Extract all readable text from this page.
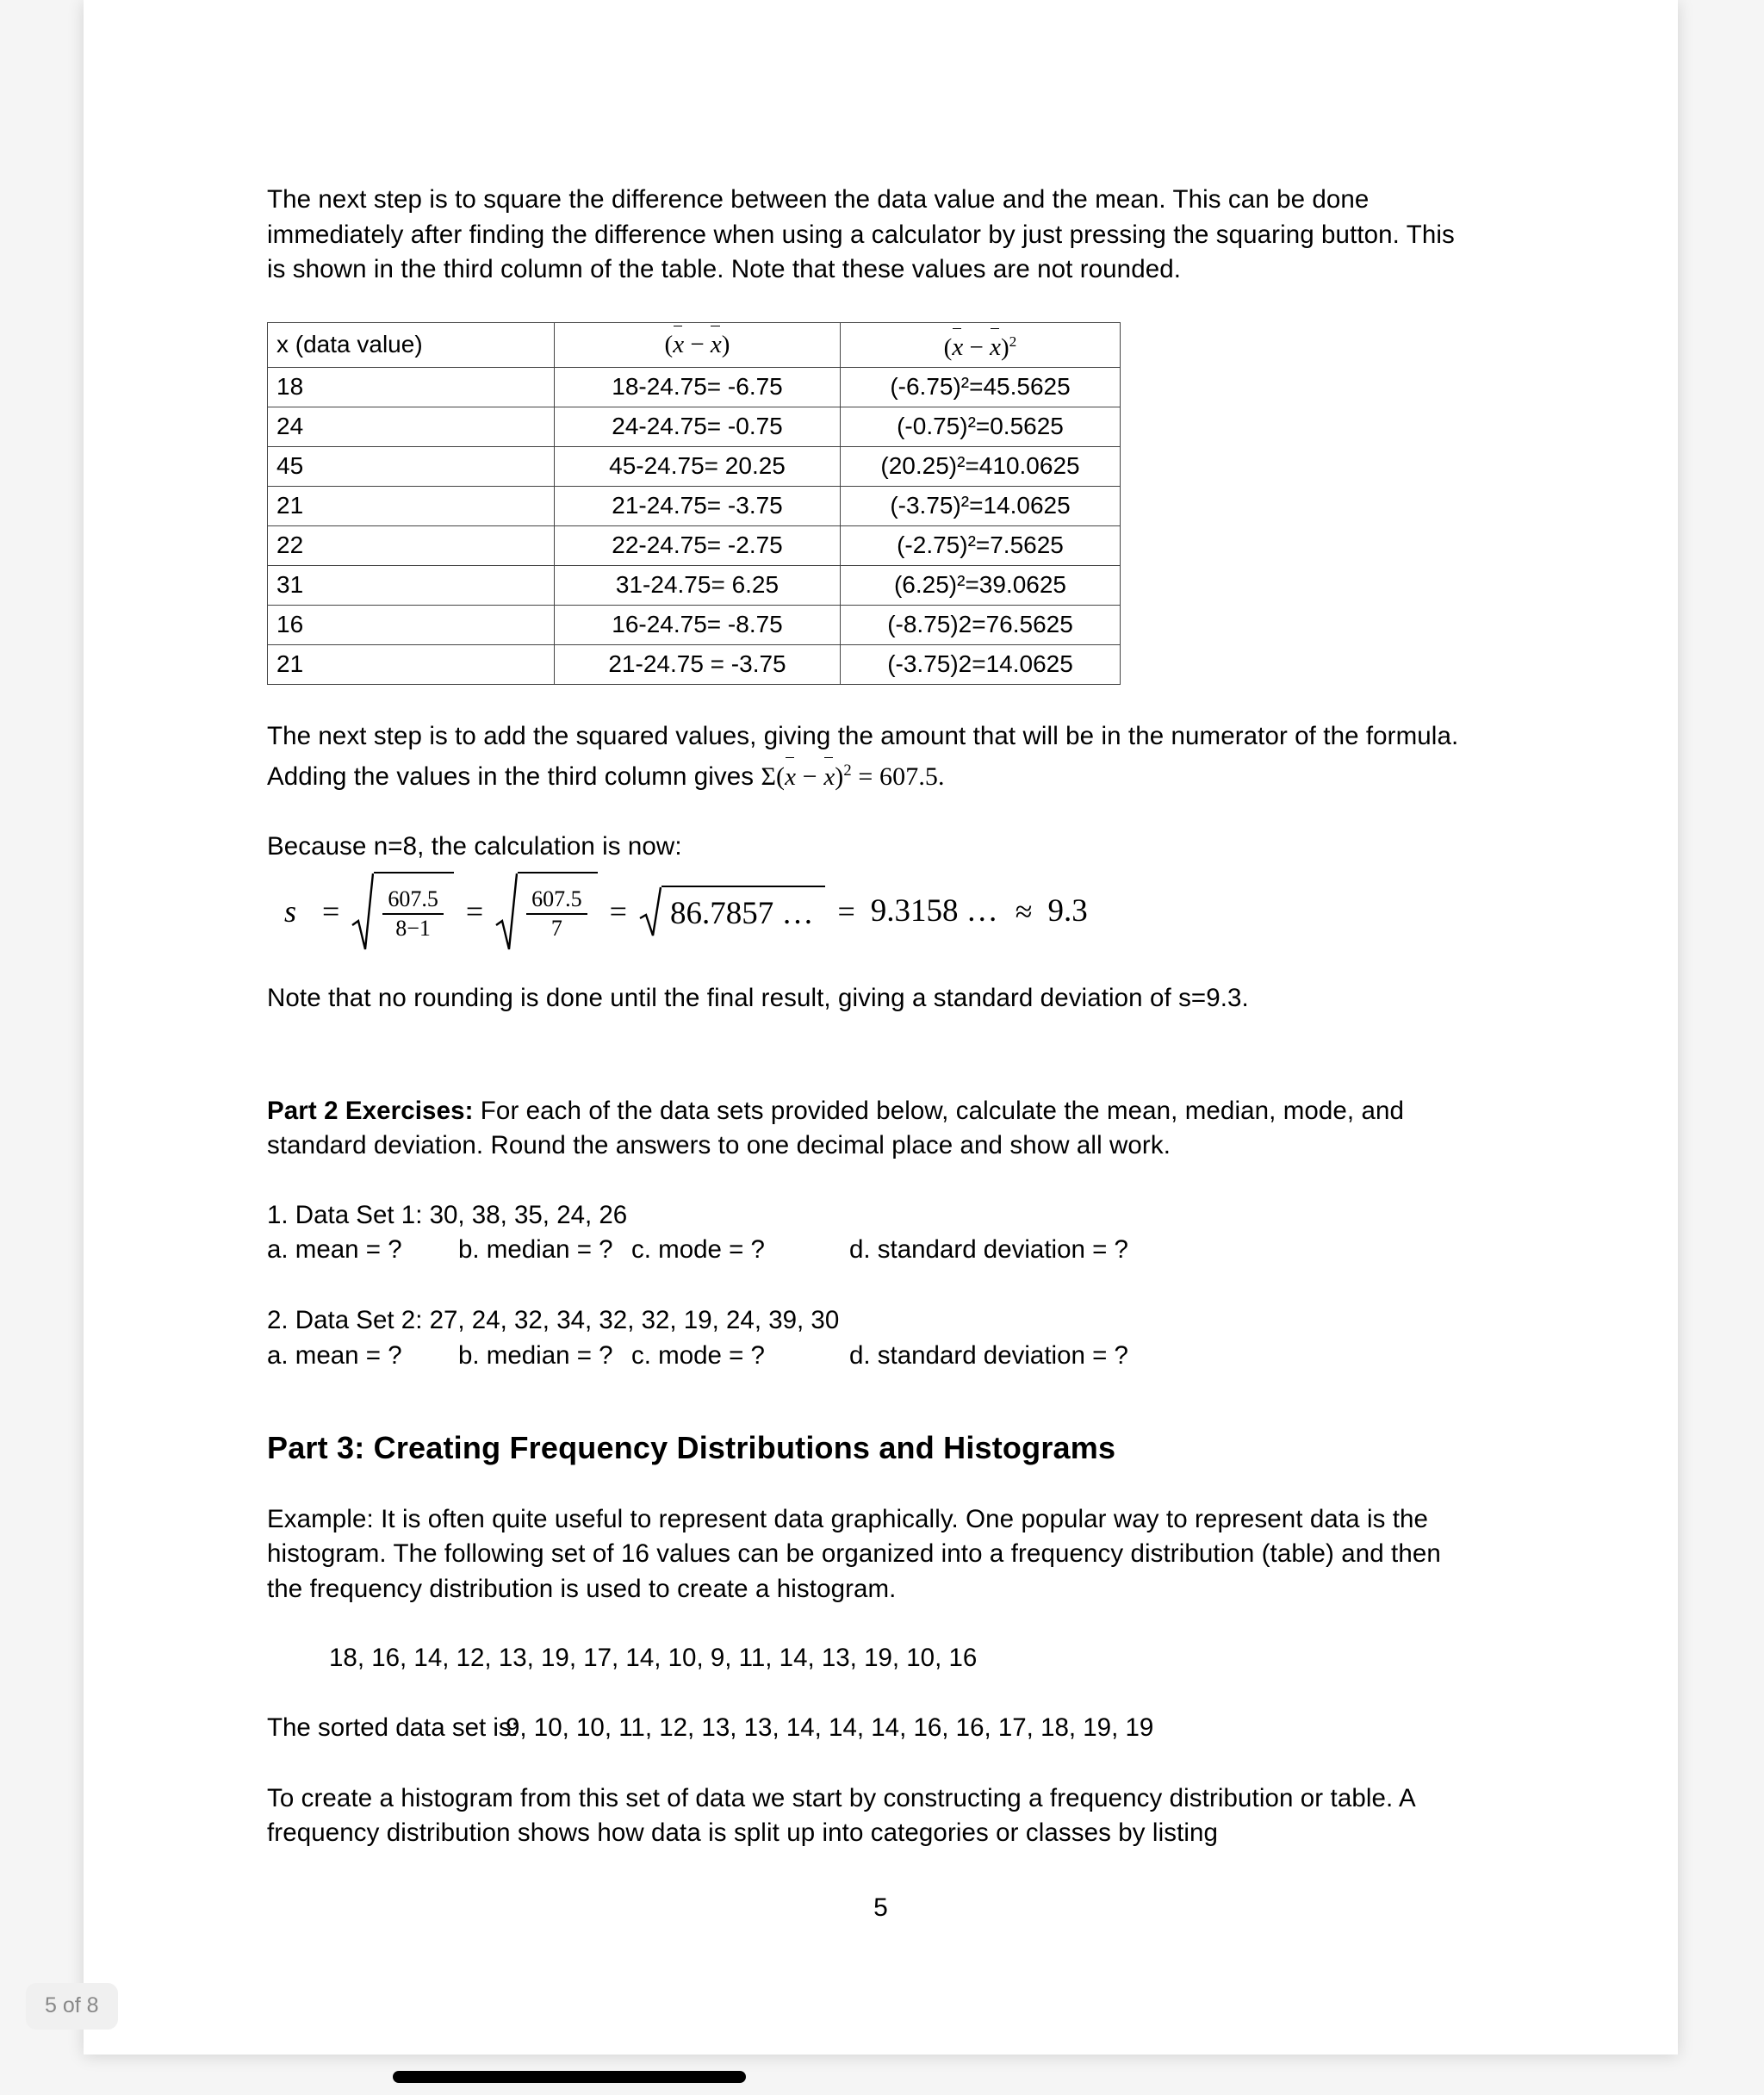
The next step is to square the difference between the data value and the mean. This can be done immediately after finding the difference when using a calculator by just pressing the squaring button. This is shown in the third column of the table. Note that these values are not rounded.

x (data value)	(x − x)	$(x - x)^2$
18	18-24.75= -6.75	(-6.75)²=45.5625
24	24-24.75= -0.75	(-0.75)²=0.5625
45	45-24.75= 20.25	(20.25)²=410.0625
21	21-24.75= -3.75	(-3.75)²=14.0625
22	22-24.75= -2.75	(-2.75)²=7.5625
31	31-24.75= 6.25	(6.25)²=39.0625
16	16-24.75= -8.75	(-8.75)2=76.5625
21	21-24.75 = -3.75	(-3.75)2=14.0625

The next step is to add the squared values, giving the amount that will be in the numerator of the formula. Adding the values in the third column gives $\Sigma(x - x)^2 = 607.5$.

Because n=8, the calculation is now:

$s = \frac{607.5}{8-1} = \frac{607.5}{7} = 86.7857$ … = 9.3158 … ≈ 9.3

Note that no rounding is done until the final result, giving a standard deviation of s=9.3.

Part 2 Exercises: For each of the data sets provided below, calculate the mean, median, mode, and standard deviation. Round the answers to one decimal place and show all work.

1. Data Set 1: 30, 38, 35, 24, 26
a. mean = ? b. median = ? c. mode = ?	d. standard deviation = ?
2. Data Set 2: 27, 24, 32, 34, 32, 32, 19, 24, 39, 30
a. mean = ? b. median = ? c. mode = ?	d. standard deviation = ?
Part 3: Creating Frequency Distributions and Histograms

Example: It is often quite useful to represent data graphically. One popular way to represent data is the histogram. The following set of 16 values can be organized into a frequency distribution (table) and then the frequency distribution is used to create a histogram.

18, 16, 14, 12, 13, 19, 17, 14, 10, 9, 11, 14, 13, 19, 10, 16
The sorted data set is:
9, 10, 10, 11, 12, 13, 13, 14, 14, 14, 16, 16, 17, 18, 19, 19

To create a histogram from this set of data we start by constructing a frequency distribution or table. A frequency distribution shows how data is split up into categories or classes by listing

5
5 of 8
